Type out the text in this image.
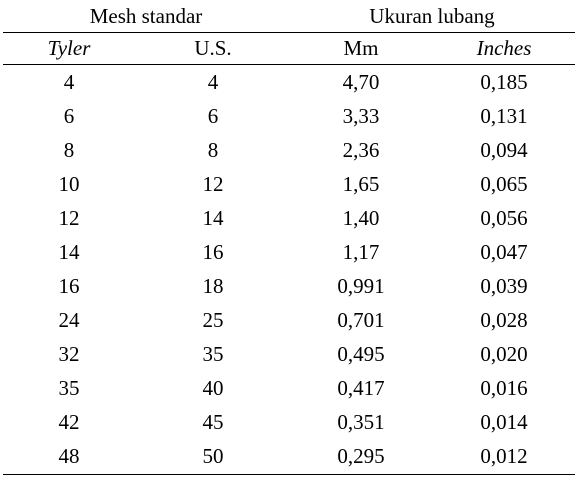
Mesh standar	Ukuran lubang
Tyler	U.S.	Mm	Inches
4	4	4,70	0,185
6	6	3,33	0,131
8	8	2,36	0,094
10	12	1,65	0,065
12	14	1,40	0,056
14	16	1,17	0,047
16	18	0,991	0,039
24	25	0,701	0,028
32	35	0,495	0,020
35	40	0,417	0,016
42	45	0,351	0,014
48	50	0,295	0,012
